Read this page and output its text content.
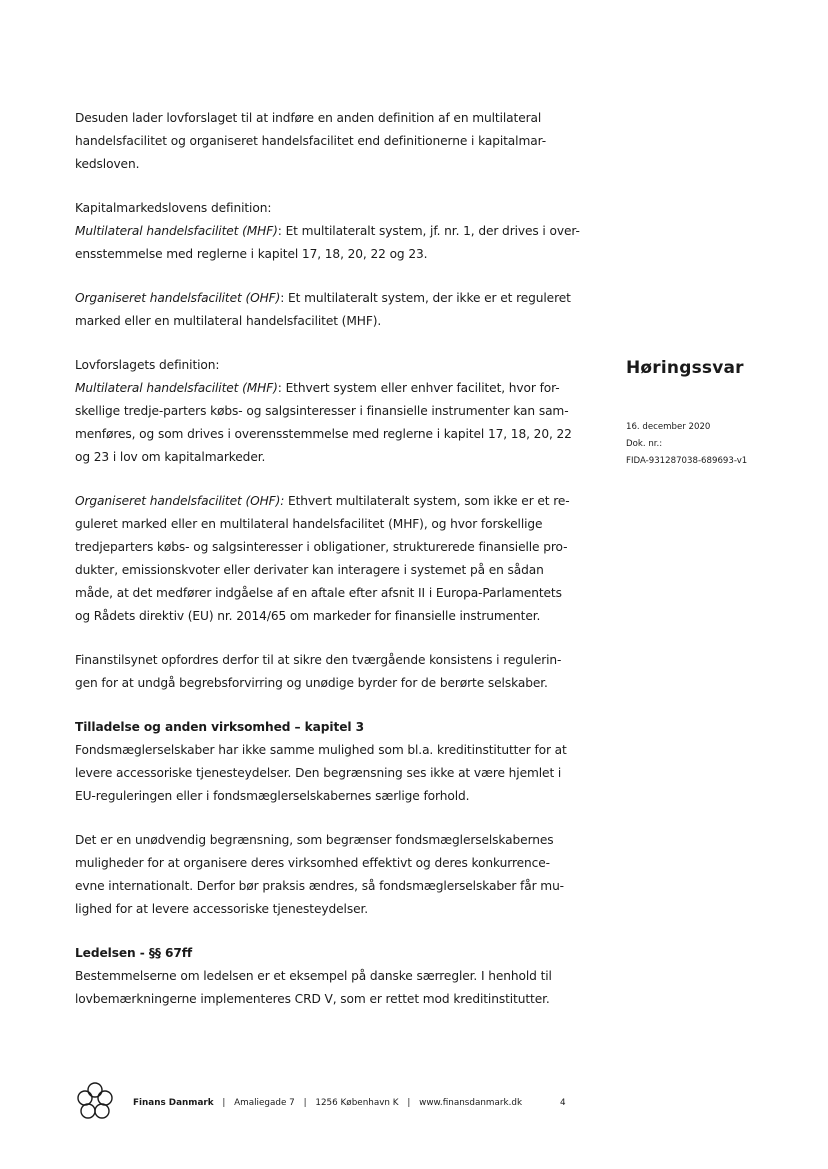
Desuden lader lovforslaget til at indføre en anden definition af en multilateral
handelsfacilitet og organiseret handelsfacilitet end definitionerne i kapitalmar-
kedsloven.

Kapitalmarkedslovens definition:
Multilateral handelsfacilitet (MHF): Et multilateralt system, jf. nr. 1, der drives i over-
ensstemmelse med reglerne i kapitel 17, 18, 20, 22 og 23.

Organiseret handelsfacilitet (OHF): Et multilateralt system, der ikke er et reguleret
marked eller en multilateral handelsfacilitet (MHF).

Lovforslagets definition:
Multilateral handelsfacilitet (MHF): Ethvert system eller enhver facilitet, hvor for-
skellige tredje-parters købs- og salgsinteresser i finansielle instrumenter kan sam-
menføres, og som drives i overensstemmelse med reglerne i kapitel 17, 18, 20, 22
og 23 i lov om kapitalmarkeder.

Organiseret handelsfacilitet (OHF): Ethvert multilateralt system, som ikke er et re-
guleret marked eller en multilateral handelsfacilitet (MHF), og hvor forskellige
tredjeparters købs- og salgsinteresser i obligationer, strukturerede finansielle pro-
dukter, emissionskvoter eller derivater kan interagere i systemet på en sådan
måde, at det medfører indgåelse af en aftale efter afsnit II i Europa-Parlamentets
og Rådets direktiv (EU) nr. 2014/65 om markeder for finansielle instrumenter.

Finanstilsynet opfordres derfor til at sikre den tværgående konsistens i regulerin-
gen for at undgå begrebsforvirring og unødige byrder for de berørte selskaber.

Tilladelse og anden virksomhed – kapitel 3
Fondsmæglerselskaber har ikke samme mulighed som bl.a. kreditinstitutter for at
levere accessoriske tjenesteydelser. Den begrænsning ses ikke at være hjemlet i
EU-reguleringen eller i fondsmæglerselskabernes særlige forhold.

Det er en unødvendig begrænsning, som begrænser fondsmæglerselskabernes
muligheder for at organisere deres virksomhed effektivt og deres konkurrence-
evne internationalt. Derfor bør praksis ændres, så fondsmæglerselskaber får mu-
lighed for at levere accessoriske tjenesteydelser.

Ledelsen - §§ 67ff
Bestemmelserne om ledelsen er et eksempel på danske særregler. I henhold til
lovbemærkningerne implementeres CRD V, som er rettet mod kreditinstitutter.

Høringssvar
16. december 2020
Dok. nr.:
FIDA-931287038-689693-v1
Finans Danmark | Amaliegade 7 | 1256 København K | www.finansdanmark.dk	4
